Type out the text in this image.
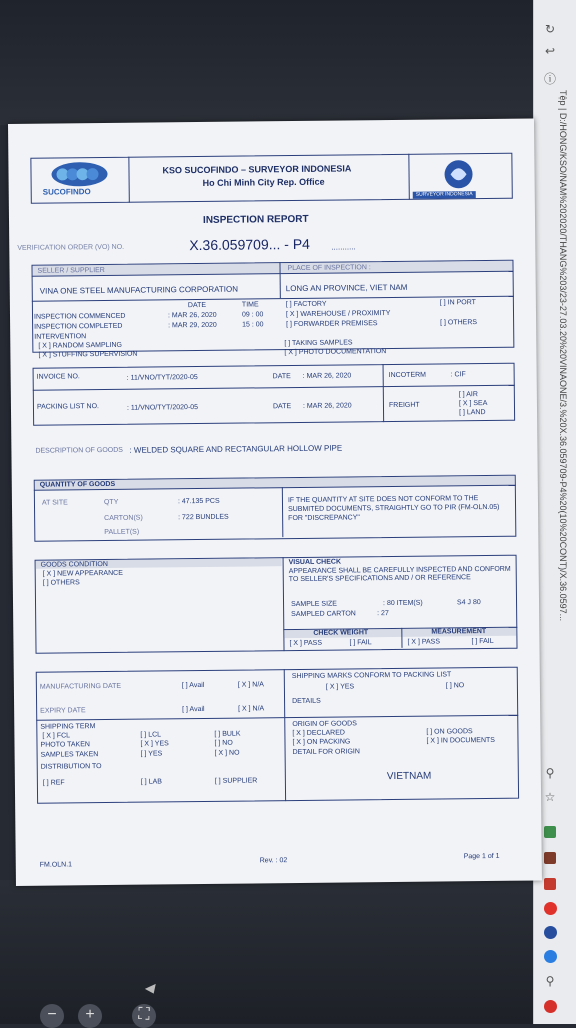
↻
↩
ⓘ
Tệp | D:/HONG/KSO/NAM%202020/THANG%203/23-27.03.20%20VINAONE/3.%20X.36.059709-P4%20(10%20CONT)/X.36.0597...
⚲
☆
⚲
−	+	⛶
SUCOFINDO
KSO SUCOFINDO – SURVEYOR INDONESIA
Ho Chi Minh City Rep. Office
SURVEYOR INDONESIA
INSPECTION REPORT
VERIFICATION ORDER (VO) NO.	X.36.059709... - P4	...........
SELLER / SUPPLIER	PLACE OF INSPECTION :
VINA ONE STEEL MANUFACTURING CORPORATION	LONG AN PROVINCE, VIET NAM
DATE	TIME
INSPECTION COMMENCED	: MAR 26, 2020	09 : 00
INSPECTION COMPLETED	: MAR 29, 2020	15 : 00
[ ] FACTORY
[ X ] WAREHOUSE / PROXIMITY
[ ] FORWARDER PREMISES
[ ] IN PORT
[ ] OTHERS
INTERVENTION
[ X ] RANDOM SAMPLING
[ X ] STUFFING SUPERVISION
[ ] TAKING SAMPLES
[ X ] PHOTO DOCUMENTATION
INVOICE NO.	: 11/VNO/TYT/2020-05	DATE : MAR 26, 2020	INCOTERM	: CIF
PACKING LIST NO.	: 11/VNO/TYT/2020-05	DATE : MAR 26, 2020	FREIGHT
[ ] AIR
[ X ] SEA
[ ] LAND
DESCRIPTION OF GOODS : WELDED SQUARE AND RECTANGULAR HOLLOW PIPE
QUANTITY OF GOODS
AT SITE	QTY	: 47.135 PCS
CARTON(S)	: 722 BUNDLES
PALLET(S)
IF THE QUANTITY AT SITE DOES NOT CONFORM TO THE SUBMITED DOCUMENTS, STRAIGHTLY GO TO PIR (FM-OLN.05) FOR "DISCREPANCY"
GOODS CONDITION
[ X ] NEW APPEARANCE
[ ] OTHERS
VISUAL CHECK
APPEARANCE SHALL BE CAREFULLY INSPECTED AND CONFORM TO SELLER'S SPECIFICATIONS AND / OR REFERENCE
SAMPLE SIZE	: 80 ITEM(S)	S4 J 80
SAMPLED CARTON	: 27
CHECK WEIGHT	MEASUREMENT
[ X ] PASS	[ ] FAIL	[ X ] PASS	[ ] FAIL
MANUFACTURING DATE	[ ] Avail	[ X ] N/A
EXPIRY DATE	[ ] Avail	[ X ] N/A
SHIPPING TERM
[ X ] FCL	[ ] LCL	[ ] BULK
PHOTO TAKEN	[ X ] YES	[ ] NO
SAMPLES TAKEN	[ ] YES	[ X ] NO
DISTRIBUTION TO
[ ] REF	[ ] LAB	[ ] SUPPLIER
SHIPPING MARKS CONFORM TO PACKING LIST
[ X ] YES	[ ] NO
DETAILS
ORIGIN OF GOODS
[ X ] DECLARED
[ X ] ON PACKING
[ ] ON GOODS
[ X ] IN DOCUMENTS
DETAIL FOR ORIGIN
VIETNAM
FM.OLN.1
Rev. : 02
Page 1 of 1
